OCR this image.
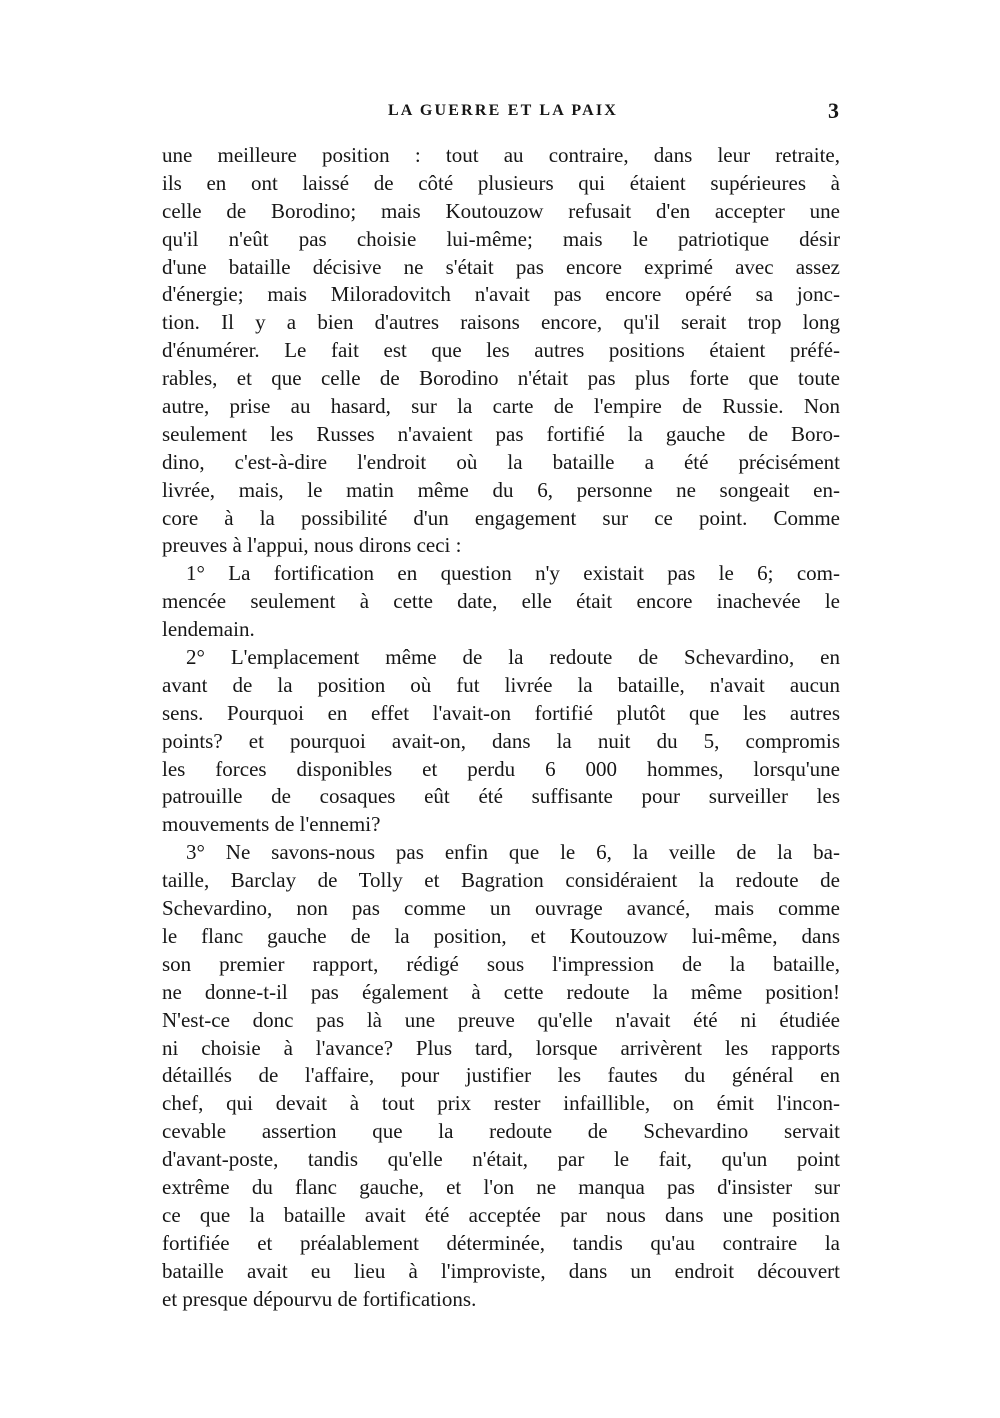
LA GUERRE ET LA PAIX	3
une meilleure position : tout au contraire, dans leur retraite,
ils en ont laissé de côté plusieurs qui étaient supérieures à
celle de Borodino; mais Koutouzow refusait d'en accepter une
qu'il n'eût pas choisie lui-même; mais le patriotique désir
d'une bataille décisive ne s'était pas encore exprimé avec assez
d'énergie; mais Miloradovitch n'avait pas encore opéré sa jonc-
tion. Il y a bien d'autres raisons encore, qu'il serait trop long
d'énumérer. Le fait est que les autres positions étaient préfé-
rables, et que celle de Borodino n'était pas plus forte que toute
autre, prise au hasard, sur la carte de l'empire de Russie. Non
seulement les Russes n'avaient pas fortifié la gauche de Boro-
dino, c'est-à-dire l'endroit où la bataille a été précisément
livrée, mais, le matin même du 6, personne ne songeait en-
core à la possibilité d'un engagement sur ce point. Comme
preuves à l'appui, nous dirons ceci :
1° La fortification en question n'y existait pas le 6; com-
mencée seulement à cette date, elle était encore inachevée le
lendemain.
2° L'emplacement même de la redoute de Schevardino, en
avant de la position où fut livrée la bataille, n'avait aucun
sens. Pourquoi en effet l'avait-on fortifié plutôt que les autres
points? et pourquoi avait-on, dans la nuit du 5, compromis
les forces disponibles et perdu 6 000 hommes, lorsqu'une
patrouille de cosaques eût été suffisante pour surveiller les
mouvements de l'ennemi?
3° Ne savons-nous pas enfin que le 6, la veille de la ba-
taille, Barclay de Tolly et Bagration considéraient la redoute de
Schevardino, non pas comme un ouvrage avancé, mais comme
le flanc gauche de la position, et Koutouzow lui-même, dans
son premier rapport, rédigé sous l'impression de la bataille,
ne donne-t-il pas également à cette redoute la même position!
N'est-ce donc pas là une preuve qu'elle n'avait été ni étudiée
ni choisie à l'avance? Plus tard, lorsque arrivèrent les rapports
détaillés de l'affaire, pour justifier les fautes du général en
chef, qui devait à tout prix rester infaillible, on émit l'incon-
cevable assertion que la redoute de Schevardino servait
d'avant-poste, tandis qu'elle n'était, par le fait, qu'un point
extrême du flanc gauche, et l'on ne manqua pas d'insister sur
ce que la bataille avait été acceptée par nous dans une position
fortifiée et préalablement déterminée, tandis qu'au contraire la
bataille avait eu lieu à l'improviste, dans un endroit découvert
et presque dépourvu de fortifications.
